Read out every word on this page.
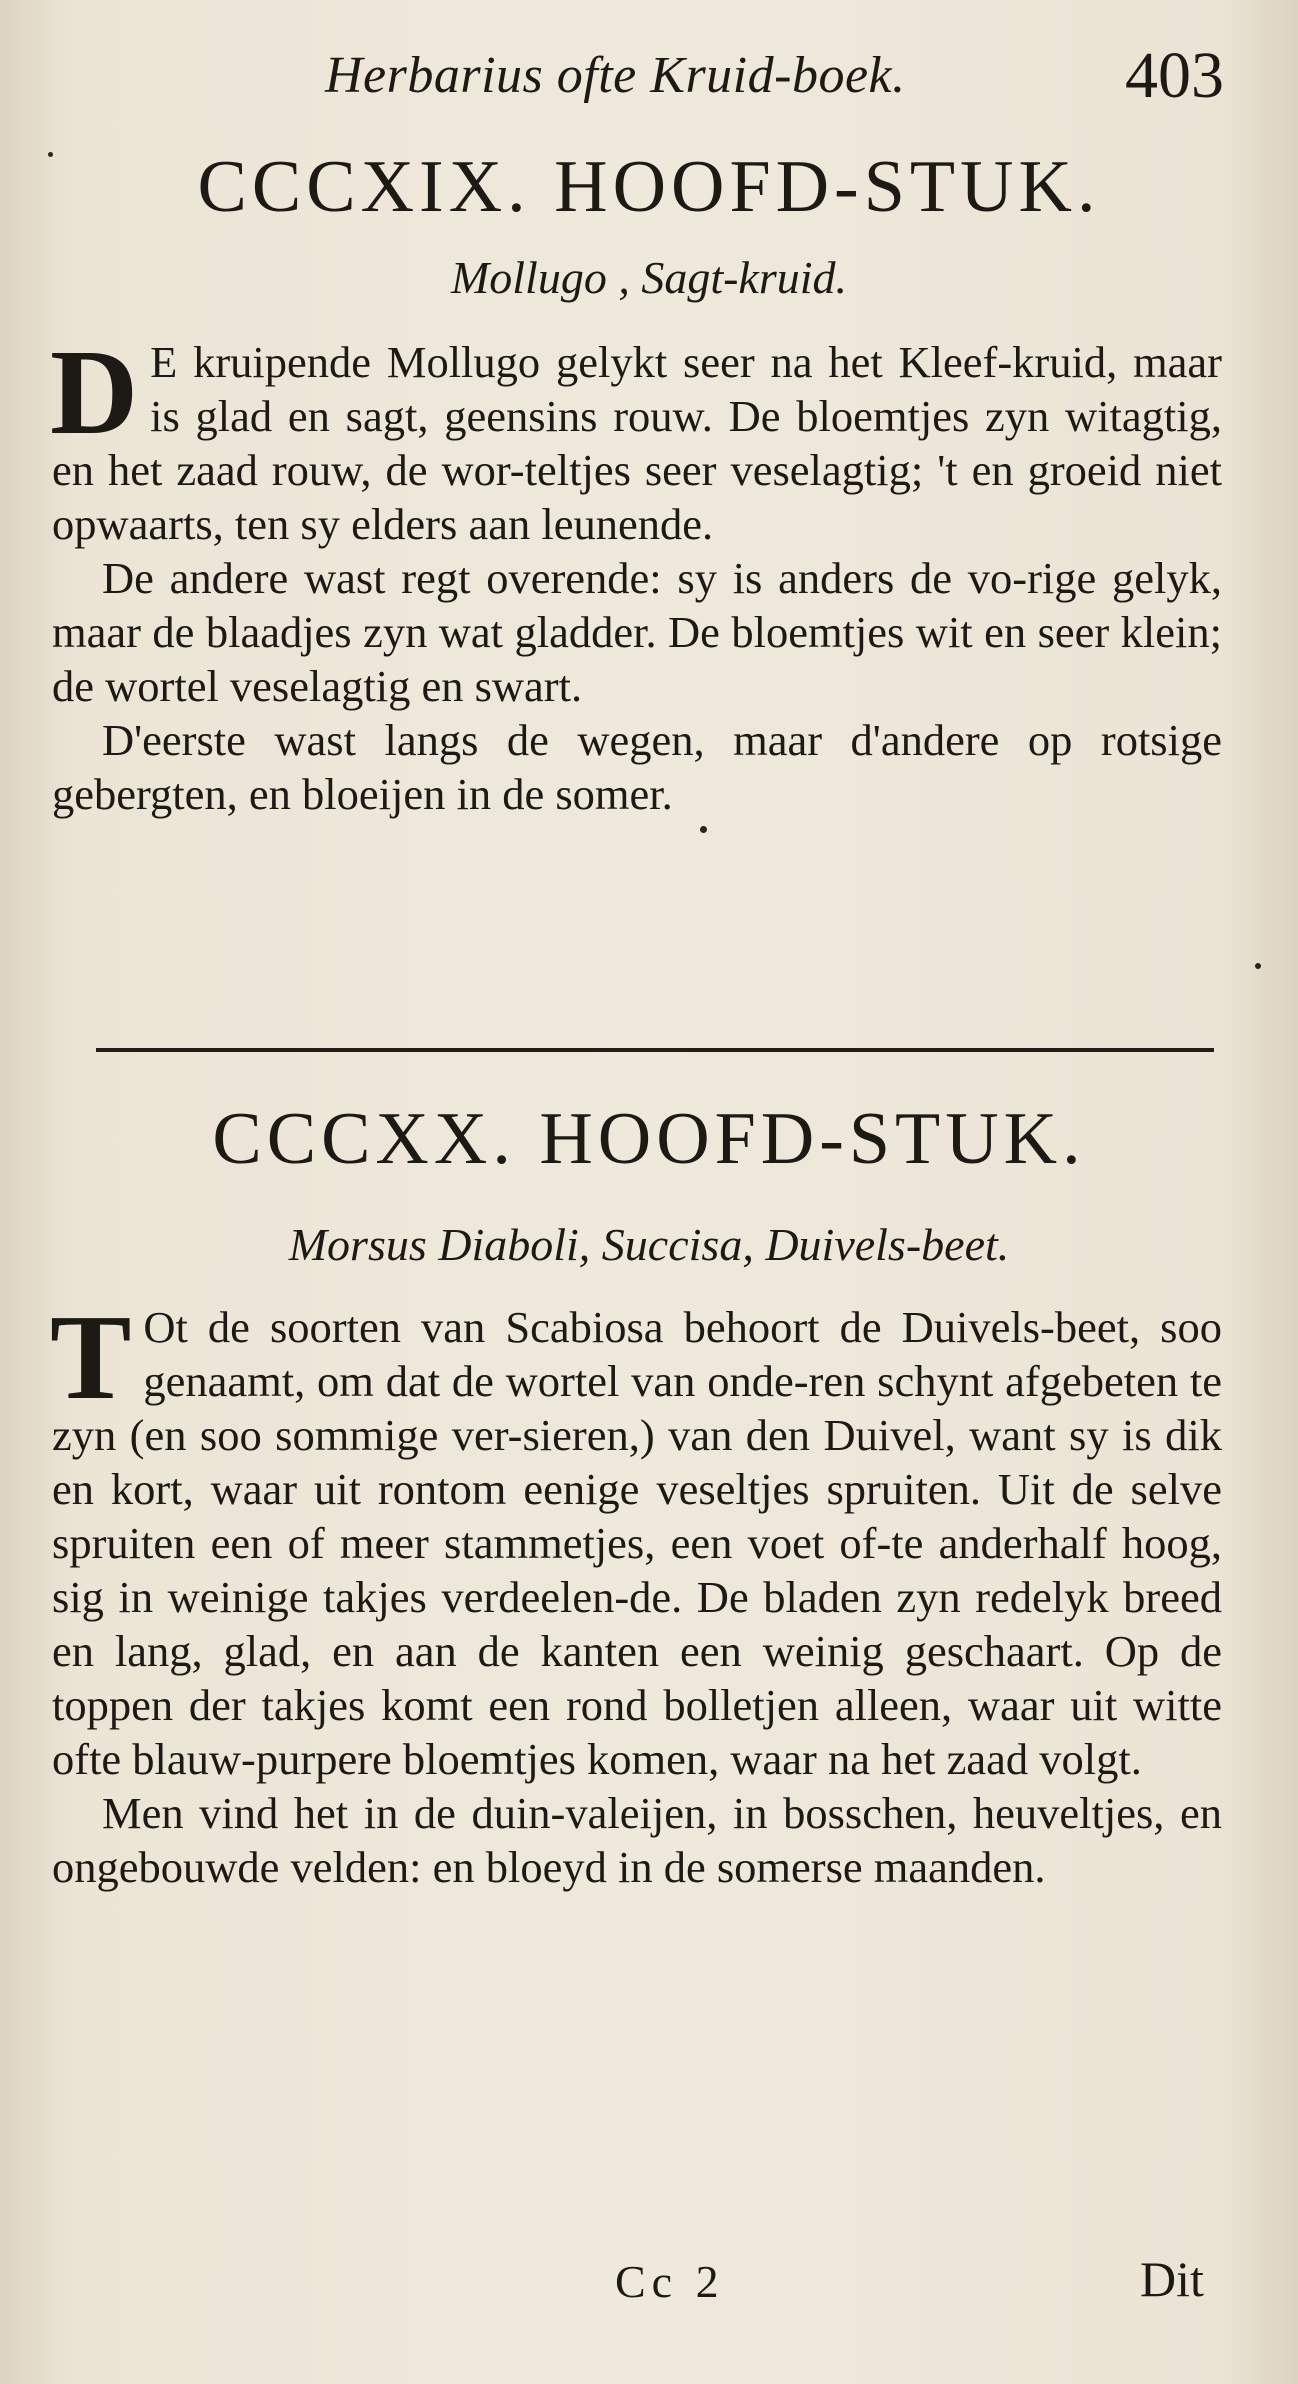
Herbarius ofte Kruid-boek.	403
CCCXIX. HOOFD-STUK.
Mollugo , Sagt-kruid.

D E kruipende Mollugo gelykt seer na het Kleef-kruid, maar is glad en sagt, geensins rouw. De bloemtjes zyn witagtig, en het zaad rouw, de wor-teltjes seer veselagtig; 't en groeid niet opwaarts, ten sy elders aan leunende.

De andere wast regt overende: sy is anders de vo-rige gelyk, maar de blaadjes zyn wat gladder. De bloemtjes wit en seer klein; de wortel veselagtig en swart.

D'eerste wast langs de wegen, maar d'andere op rotsige gebergten, en bloeijen in de somer.

CCCXX. HOOFD-STUK.
Morsus Diaboli, Succisa, Duivels-beet.

T Ot de soorten van Scabiosa behoort de Duivels-beet, soo genaamt, om dat de wortel van onde-ren schynt afgebeten te zyn (en soo sommige ver-sieren,) van den Duivel, want sy is dik en kort, waar uit rontom eenige veseltjes spruiten. Uit de selve spruiten een of meer stammetjes, een voet of-te anderhalf hoog, sig in weinige takjes verdeelen-de. De bladen zyn redelyk breed en lang, glad, en aan de kanten een weinig geschaart. Op de toppen der takjes komt een rond bolletjen alleen, waar uit witte ofte blauw-purpere bloemtjes komen, waar na het zaad volgt.

Men vind het in de duin-valeijen, in bosschen, heuveltjes, en ongebouwde velden: en bloeyd in de somerse maanden.

Cc 2	Dit
